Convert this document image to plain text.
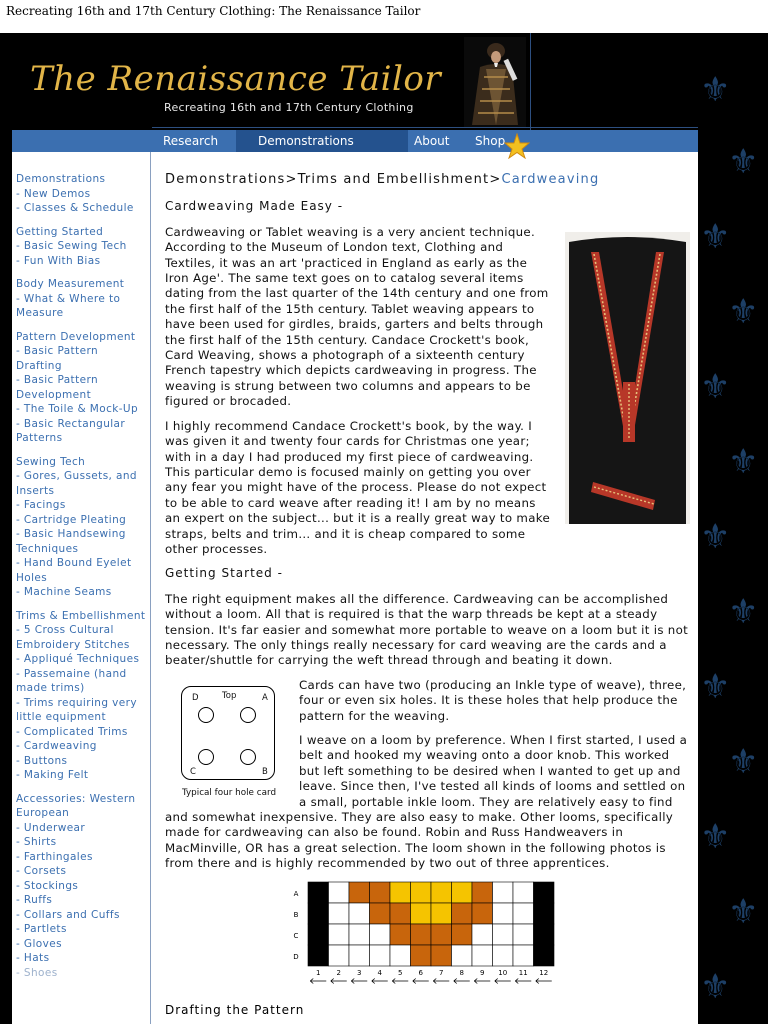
Recreating 16th and 17th Century Clothing: The Renaissance Tailor
⚜
⚜
⚜
⚜
⚜
⚜
⚜
⚜
⚜
⚜
⚜
⚜
⚜
The Renaissance Tailor
Recreating 16th and 17th Century Clothing
Research	About Shop
Demonstrations
Demonstrations
- New Demos
- Classes & Schedule
Getting Started
- Basic Sewing Tech
- Fun With Bias
Body Measurement
- What & Where to Measure
Pattern Development
- Basic Pattern Drafting
- Basic Pattern Development
- The Toile & Mock-Up
- Basic Rectangular Patterns
Sewing Tech
- Gores, Gussets, and Inserts
- Facings
- Cartridge Pleating
- Basic Handsewing Techniques
- Hand Bound Eyelet Holes
- Machine Seams
Trims & Embellishment
- 5 Cross Cultural Embroidery Stitches
- Appliqué Techniques
- Passemaine (hand made trims)
- Trims requiring very little equipment
- Complicated Trims
- Cardweaving
- Buttons
- Making Felt
Accessories: Western European
- Underwear
- Shirts
- Farthingales
- Corsets
- Stockings
- Ruffs
- Collars and Cuffs
- Partlets
- Gloves
- Hats
- Shoes
Demonstrations>Trims and Embellishment>Cardweaving
Cardweaving Made Easy -

Cardweaving or Tablet weaving is a very ancient technique. According to the Museum of London text, Clothing and Textiles, it was an art 'practiced in England as early as the Iron Age'. The same text goes on to catalog several items dating from the last quarter of the 14th century and one from the first half of the 15th century. Tablet weaving appears to have been used for girdles, braids, garters and belts through the first half of the 15th century. Candace Crockett's book, Card Weaving, shows a photograph of a sixteenth century French tapestry which depicts cardweaving in progress. The weaving is strung between two columns and appears to be figured or brocaded.

I highly recommend Candace Crockett's book, by the way. I was given it and twenty four cards for Christmas one year; with in a day I had produced my first piece of cardweaving. This particular demo is focused mainly on getting you over any fear you might have of the process. Please do not expect to be able to card weave after reading it! I am by no means an expert on the subject... but it is a really great way to make straps, belts and trim... and it is cheap compared to some other processes.

Getting Started -

The right equipment makes all the difference. Cardweaving can be accomplished without a loom. All that is required is that the warp threads be kept at a steady tension. It's far easier and somewhat more portable to weave on a loom but it is not necessary. The only things really necessary for card weaving are the cards and a beater/shuttle for carrying the weft thread through and beating it down.

D	Top	A
C	B
Typical four hole card

Cards can have two (producing an Inkle type of weave), three, four or even six holes. It is these holes that help produce the pattern for the weaving.

I weave on a loom by preference. When I first started, I used a belt and hooked my weaving onto a door knob. This worked but left something to be desired when I wanted to get up and leave. Since then, I've tested all kinds of looms and settled on a small, portable inkle loom. They are relatively easy to find and somewhat inexpensive. They are also easy to make. Other looms, specifically made for cardweaving can also be found. Robin and Russ Handweavers in MacMinville, OR has a great selection. The loom shown in the following photos is from there and is highly recommended by two out of three apprentices.

A
B
C
D
1 2 3 4 5 6 7 8 9 10 11 12
Drafting the Pattern
